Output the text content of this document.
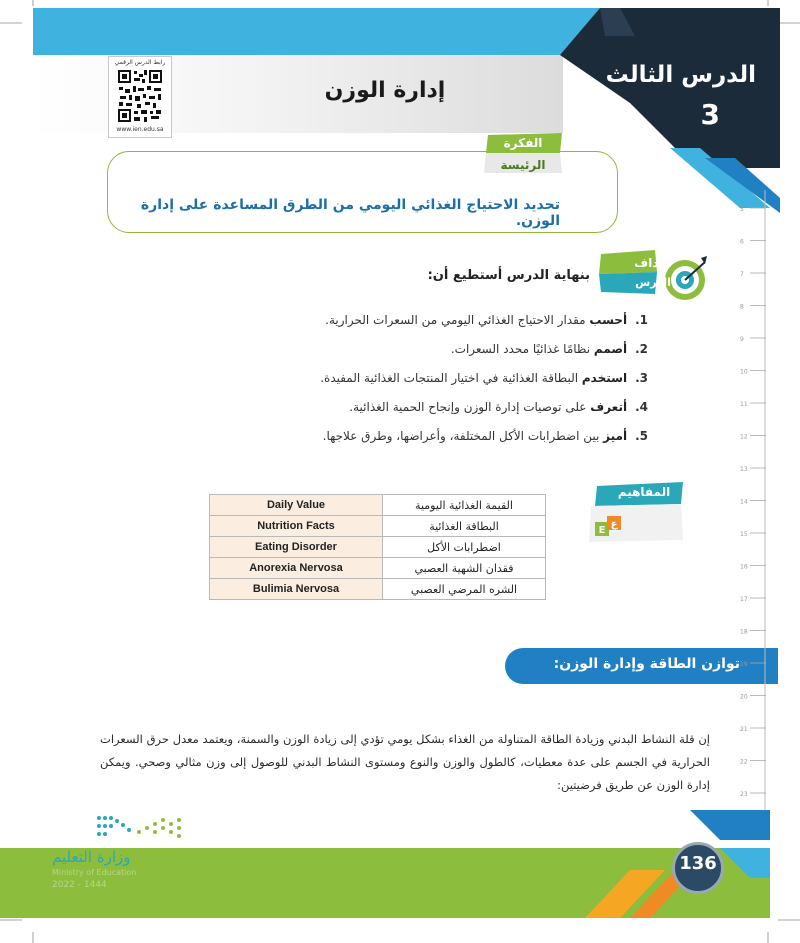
الدرس الثالث
3
إدارة الوزن
رابط الدرس الرقمي
www.ien.edu.sa
الفكرة
الرئيسة
تحديد الاحتياج الغذائي اليومي من الطرق المساعدة على إدارة الوزن.
أهداف
الدرس
بنهاية الدرس أستطيع أن:
1.أحسب مقدار الاحتياج الغذائي اليومي من السعرات الحرارية.
2.أصمم نظامًا غذائيًا محدد السعرات.
3.استخدم البطاقة الغذائية في اختيار المنتجات الغذائية المفيدة.
4.أتعرف على توصيات إدارة الوزن وإنجاح الحمية الغذائية.
5.أميز بين اضطرابات الأكل المختلفة، وأعراضها، وطرق علاجها.
E
ع
المفاهيم
Daily Value	القيمة الغذائية اليومية
Nutrition Facts	البطاقة الغذائية
Eating Disorder	اضطرابات الأكل
Anorexia Nervosa	فقدان الشهية العصبي
Bulimia Nervosa	الشره المرضي العصبي
توازن الطاقة وإدارة الوزن:
إن قلة النشاط البدني وزيادة الطاقة المتناولة من الغذاء بشكل يومي تؤدي إلى زيادة الوزن والسمنة، ويعتمد معدل حرق السعرات الحرارية في الجسم على عدة معطيات، كالطول والوزن والنوع ومستوى النشاط البدني للوصول إلى وزن مثالي وصحي. ويمكن إدارة الوزن عن طريق فرضيتين:
5
6
7
8
9
10
11
12
13
14
15
16
17
18
19
20
21
22
23
وزارة التعليم
Ministry of Education
2022 - 1444
136
